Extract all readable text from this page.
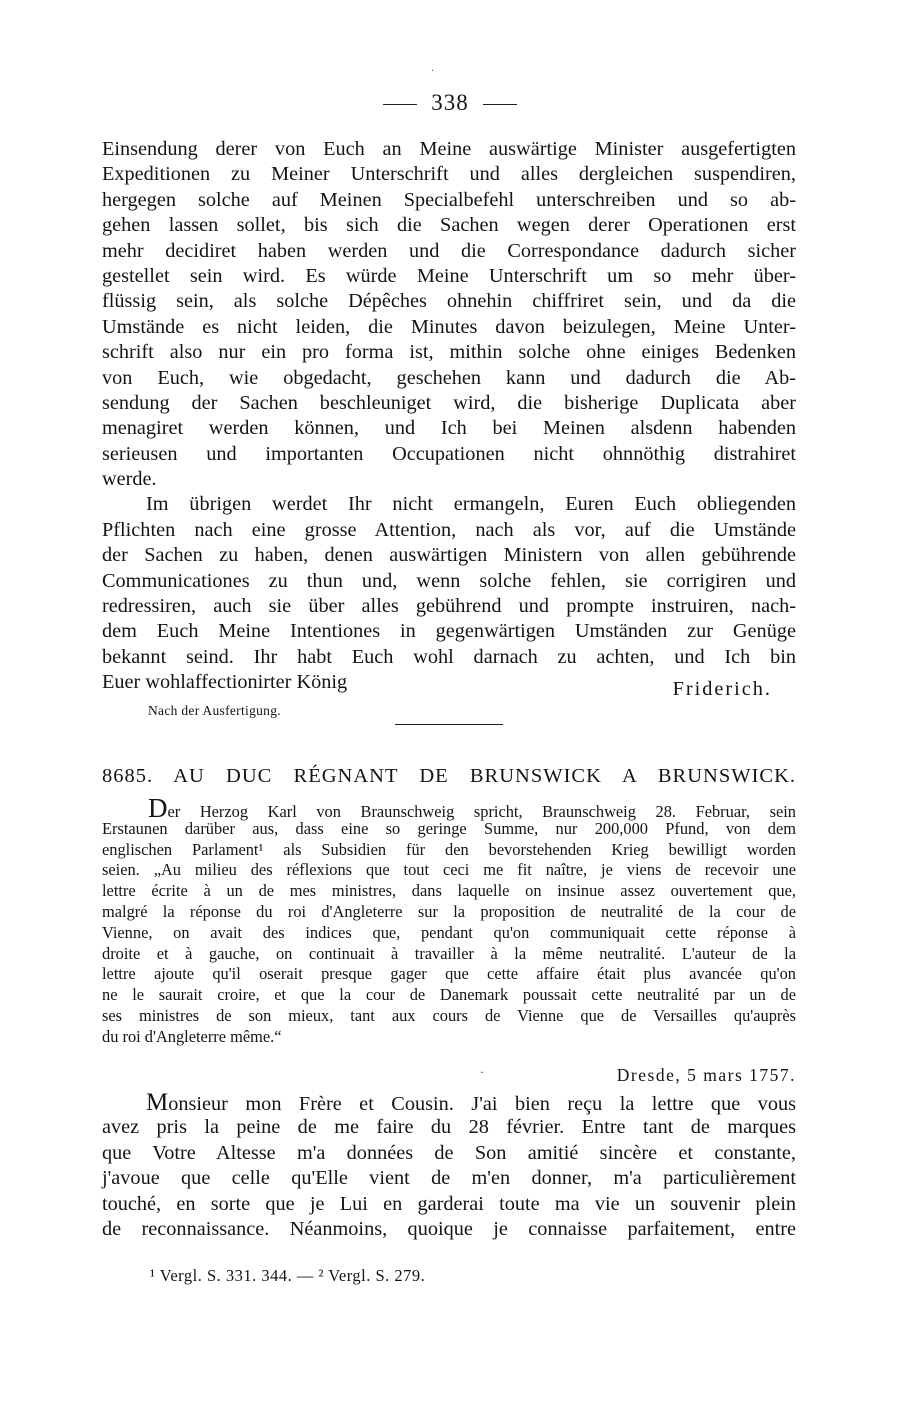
·
338
Einsendung derer von Euch an Meine auswärtige Minister ausgefertigten
Expeditionen zu Meiner Unterschrift und alles dergleichen suspendiren,
hergegen solche auf Meinen Specialbefehl unterschreiben und so ab-
gehen lassen sollet, bis sich die Sachen wegen derer Operationen erst
mehr decidiret haben werden und die Correspondance dadurch sicher
gestellet sein wird. Es würde Meine Unterschrift um so mehr über-
flüssig sein, als solche Dépêches ohnehin chiffriret sein, und da die
Umstände es nicht leiden, die Minutes davon beizulegen, Meine Unter-
schrift also nur ein pro forma ist, mithin solche ohne einiges Bedenken
von Euch, wie obgedacht, geschehen kann und dadurch die Ab-
sendung der Sachen beschleuniget wird, die bisherige Duplicata aber
menagiret werden können, und Ich bei Meinen alsdenn habenden
serieusen und importanten Occupationen nicht ohnnöthig distrahiret
werde.
Im übrigen werdet Ihr nicht ermangeln, Euren Euch obliegenden
Pflichten nach eine grosse Attention, nach als vor, auf die Umstände
der Sachen zu haben, denen auswärtigen Ministern von allen gebührende
Communicationes zu thun und, wenn solche fehlen, sie corrigiren und
redressiren, auch sie über alles gebührend und prompte instruiren, nach-
dem Euch Meine Intentiones in gegenwärtigen Umständen zur Genüge
bekannt seind. Ihr habt Euch wohl darnach zu achten, und Ich bin
Euer wohlaffectionirter König	Friderich.
Nach der Ausfertigung.
8685. AU DUC RÉGNANT DE BRUNSWICK A BRUNSWICK.
Der Herzog Karl von Braunschweig spricht, Braunschweig 28. Februar, sein
Erstaunen darüber aus, dass eine so geringe Summe, nur 200,000 Pfund, von dem
englischen Parlament¹ als Subsidien für den bevorstehenden Krieg bewilligt worden
seien. „Au milieu des réflexions que tout ceci me fit naître, je viens de recevoir une
lettre écrite à un de mes ministres, dans laquelle on insinue assez ouvertement que,
malgré la réponse du roi d'Angleterre sur la proposition de neutralité de la cour de
Vienne, on avait des indices que, pendant qu'on communiquait cette réponse à
droite et à gauche, on continuait à travailler à la même neutralité. L'auteur de la
lettre ajoute qu'il oserait presque gager que cette affaire était plus avancée qu'on
ne le saurait croire, et que la cour de Danemark poussait cette neutralité par un de
ses ministres de son mieux, tant aux cours de Vienne que de Versailles qu'auprès
du roi d'Angleterre même.“
·	Dresde, 5 mars 1757.
Monsieur mon Frère et Cousin. J'ai bien reçu la lettre que vous
avez pris la peine de me faire du 28 février. Entre tant de marques
que Votre Altesse m'a données de Son amitié sincère et constante,
j'avoue que celle qu'Elle vient de m'en donner, m'a particulièrement
touché, en sorte que je Lui en garderai toute ma vie un souvenir plein
de reconnaissance. Néanmoins, quoique je connaisse parfaitement, entre
¹ Vergl. S. 331. 344. — ² Vergl. S. 279.
